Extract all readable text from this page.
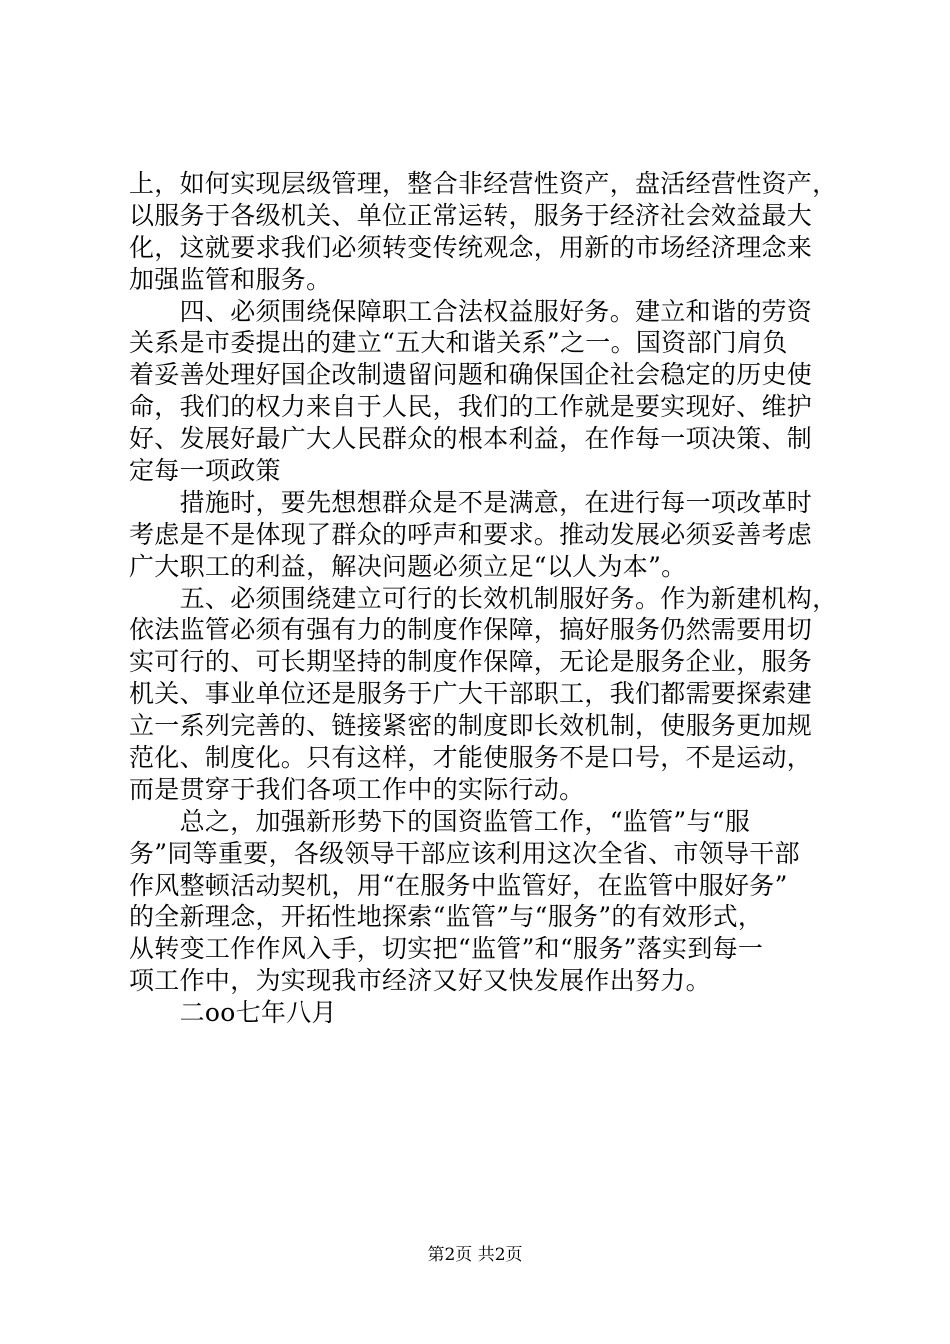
上，如何实现层级管理，整合非经营性资产，盘活经营性资产，
以服务于各级机关、单位正常运转，服务于经济社会效益最大
化，这就要求我们必须转变传统观念，用新的市场经济理念来
加强监管和服务。
　　四、必须围绕保障职工合法权益服好务。建立和谐的劳资
关系是市委提出的建立“五大和谐关系”之一。国资部门肩负
着妥善处理好国企改制遗留问题和确保国企社会稳定的历史使
命，我们的权力来自于人民，我们的工作就是要实现好、维护
好、发展好最广大人民群众的根本利益，在作每一项决策、制
定每一项政策
　　措施时，要先想想群众是不是满意，在进行每一项改革时
考虑是不是体现了群众的呼声和要求。推动发展必须妥善考虑
广大职工的利益，解决问题必须立足“以人为本”。
　　五、必须围绕建立可行的长效机制服好务。作为新建机构，
依法监管必须有强有力的制度作保障，搞好服务仍然需要用切
实可行的、可长期坚持的制度作保障，无论是服务企业，服务
机关、事业单位还是服务于广大干部职工，我们都需要探索建
立一系列完善的、链接紧密的制度即长效机制，使服务更加规
范化、制度化。只有这样，才能使服务不是口号，不是运动，
而是贯穿于我们各项工作中的实际行动。
　　总之，加强新形势下的国资监管工作，“监管”与“服
务”同等重要，各级领导干部应该利用这次全省、市领导干部
作风整顿活动契机，用“在服务中监管好，在监管中服好务”
的全新理念，开拓性地探索“监管”与“服务”的有效形式，
从转变工作作风入手，切实把“监管”和“服务”落实到每一
项工作中，为实现我市经济又好又快发展作出努力。
　　二oo七年八月
第2页 共2页
